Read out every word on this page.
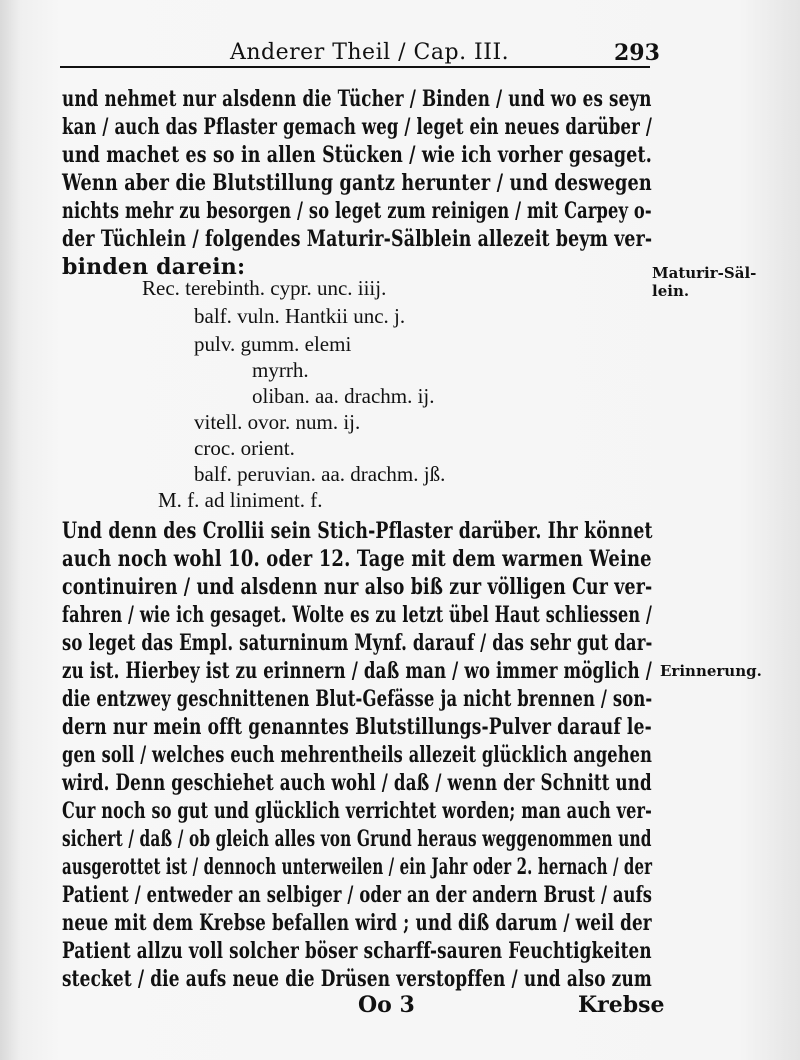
Anderer Theil / Cap. III.	293
und nehmet nur alsdenn die Tücher / Binden / und wo es seyn
kan / auch das Pflaster gemach weg / leget ein neues darüber /
und machet es so in allen Stücken / wie ich vorher gesaget.
Wenn aber die Blutstillung gantz herunter / und deswegen
nichts mehr zu besorgen / so leget zum reinigen / mit Carpey o-
der Tüchlein / folgendes Maturir-Sälblein allezeit beym ver-
binden darein:
Rec. terebinth. cypr. unc. iiij.
balf. vuln. Hantkii unc. j.
pulv. gumm. elemi
myrrh.
oliban. aa. drachm. ij.
vitell. ovor. num. ij.
croc. orient.
balf. peruvian. aa. drachm. jß.
M. f. ad liniment. f.
Und denn des Crollii sein Stich-Pflaster darüber. Ihr könnet
auch noch wohl 10. oder 12. Tage mit dem warmen Weine
continuiren / und alsdenn nur also biß zur völligen Cur ver-
fahren / wie ich gesaget. Wolte es zu letzt übel Haut schliessen /
so leget das Empl. saturninum Mynf. darauf / das sehr gut dar-
zu ist. Hierbey ist zu erinnern / daß man / wo immer möglich /
die entzwey geschnittenen Blut-Gefässe ja nicht brennen / son-
dern nur mein offt genanntes Blutstillungs-Pulver darauf le-
gen soll / welches euch mehrentheils allezeit glücklich angehen
wird. Denn geschiehet auch wohl / daß / wenn der Schnitt und
Cur noch so gut und glücklich verrichtet worden; man auch ver-
sichert / daß / ob gleich alles von Grund heraus weggenommen und
ausgerottet ist / dennoch unterweilen / ein Jahr oder 2. hernach / der
Patient / entweder an selbiger / oder an der andern Brust / aufs
neue mit dem Krebse befallen wird ; und diß darum / weil der
Patient allzu voll solcher böser scharff-sauren Feuchtigkeiten
stecket / die aufs neue die Drüsen verstopffen / und also zum
Maturir-Säl-
lein.
Erinnerung.
Oo 3	Krebse
